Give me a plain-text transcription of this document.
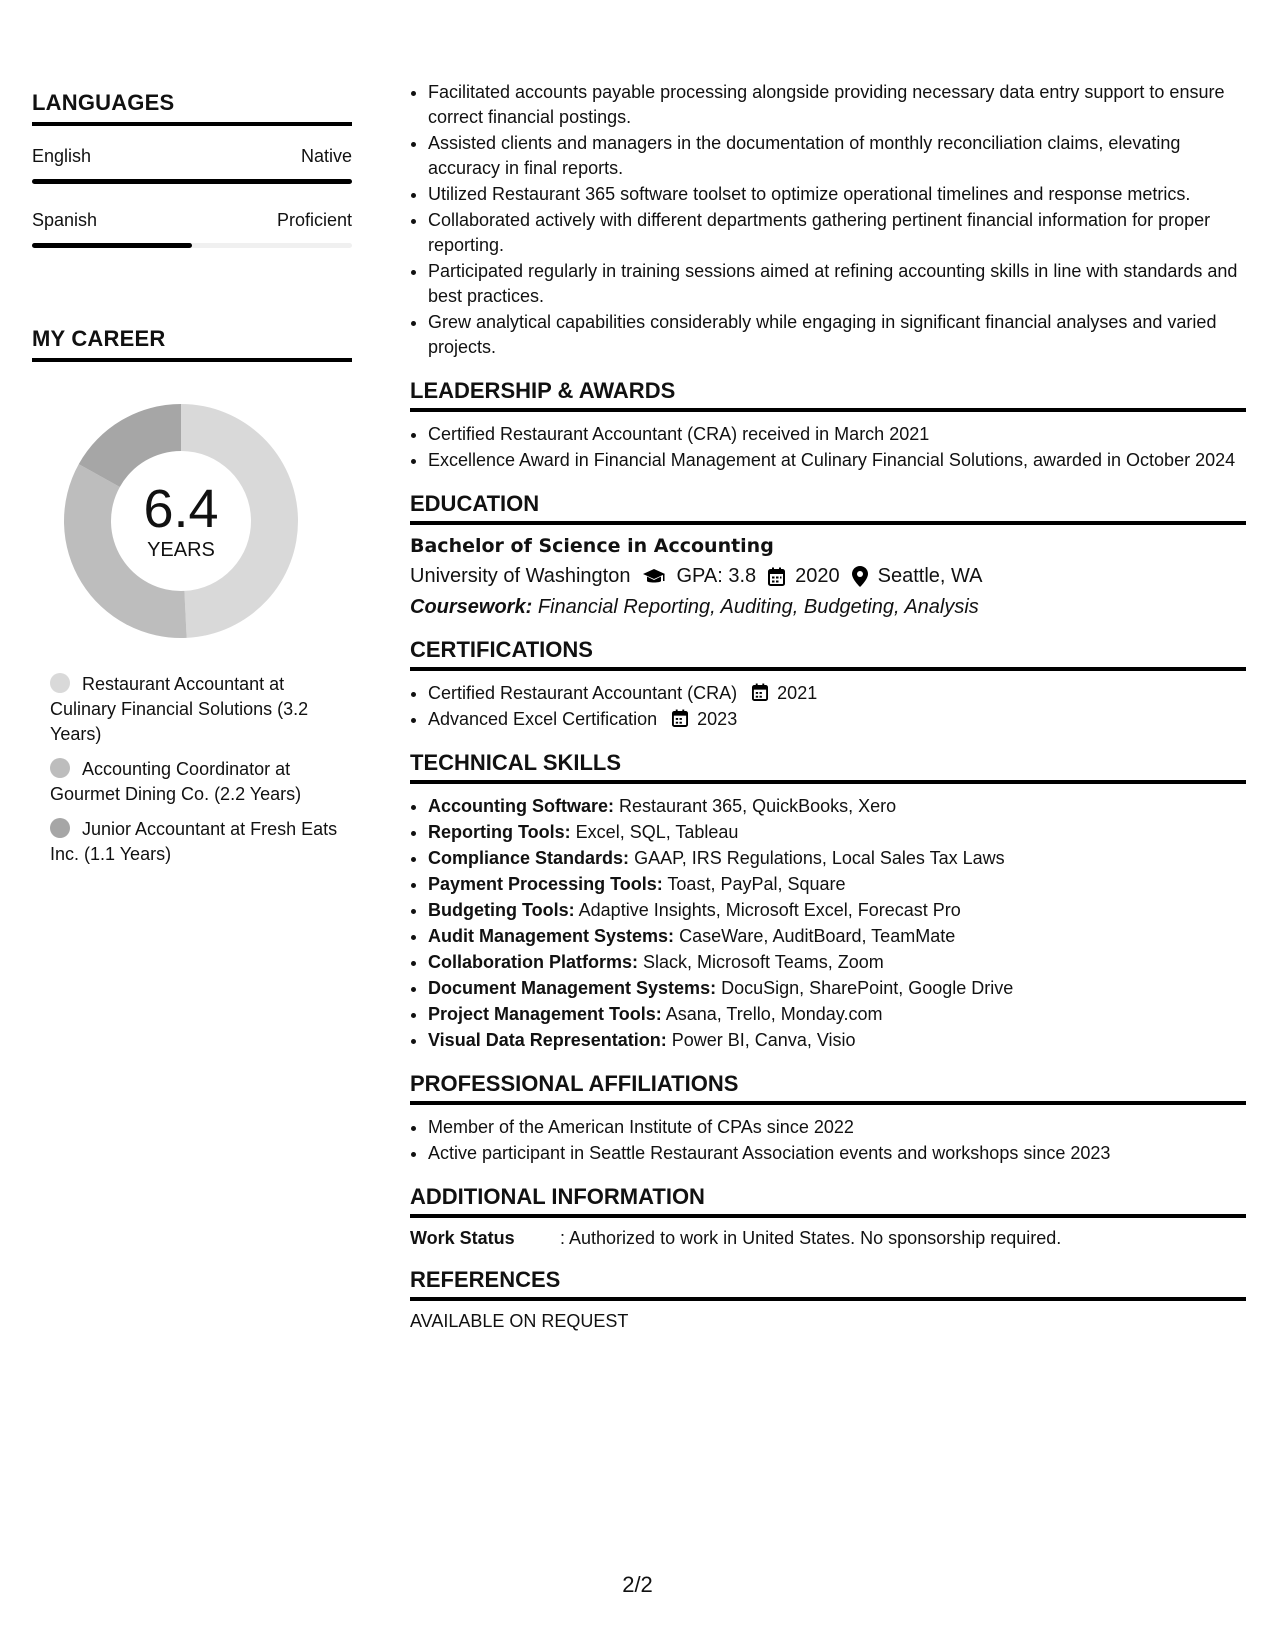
LANGUAGES
English	Native
Spanish	Proficient
MY CAREER
6.4
YEARS
Restaurant Accountant at Culinary Financial Solutions (3.2 Years)
Accounting Coordinator at Gourmet Dining Co. (2.2 Years)
Junior Accountant at Fresh Eats Inc. (1.1 Years)
• Facilitated accounts payable processing alongside providing necessary data entry support to ensure correct financial postings.
• Assisted clients and managers in the documentation of monthly reconciliation claims, elevating accuracy in final reports.
• Utilized Restaurant 365 software toolset to optimize operational timelines and response metrics.
• Collaborated actively with different departments gathering pertinent financial information for proper reporting.
• Participated regularly in training sessions aimed at refining accounting skills in line with standards and best practices.
• Grew analytical capabilities considerably while engaging in significant financial analyses and varied projects.
LEADERSHIP & AWARDS
• Certified Restaurant Accountant (CRA) received in March 2021
• Excellence Award in Financial Management at Culinary Financial Solutions, awarded in October 2024
EDUCATION
Bachelor of Science in Accounting
University of Washington GPA: 3.8 2020 Seattle, WA
Coursework: Financial Reporting, Auditing, Budgeting, Analysis
CERTIFICATIONS
• Certified Restaurant Accountant (CRA) 2021
• Advanced Excel Certification 2023
TECHNICAL SKILLS
• Accounting Software: Restaurant 365, QuickBooks, Xero
• Reporting Tools: Excel, SQL, Tableau
• Compliance Standards: GAAP, IRS Regulations, Local Sales Tax Laws
• Payment Processing Tools: Toast, PayPal, Square
• Budgeting Tools: Adaptive Insights, Microsoft Excel, Forecast Pro
• Audit Management Systems: CaseWare, AuditBoard, TeamMate
• Collaboration Platforms: Slack, Microsoft Teams, Zoom
• Document Management Systems: DocuSign, SharePoint, Google Drive
• Project Management Tools: Asana, Trello, Monday.com
• Visual Data Representation: Power BI, Canva, Visio
PROFESSIONAL AFFILIATIONS
• Member of the American Institute of CPAs since 2022
• Active participant in Seattle Restaurant Association events and workshops since 2023
ADDITIONAL INFORMATION
Work Status	: Authorized to work in United States. No sponsorship required.
REFERENCES
AVAILABLE ON REQUEST
2/2
